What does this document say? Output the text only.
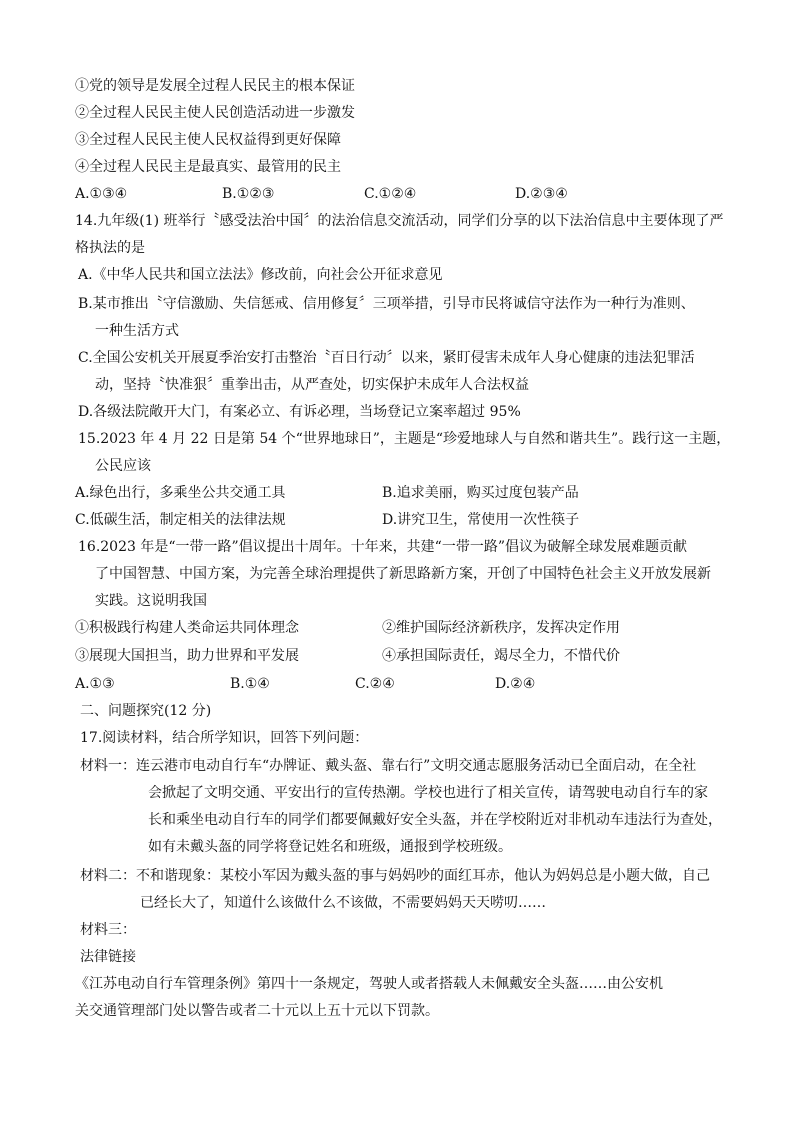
①党的领导是发展全过程人民民主的根本保证
②全过程人民民主使人民创造活动进一步激发
③全过程人民民主使人民权益得到更好保障
④全过程人民民主是最真实、最管用的民主
A.①③④	B.①②③	C.①②④	D.②③④
14.九年级(1) 班举行〝感受法治中国〞的法治信息交流活动，同学们分享的以下法治信息中主要体现了严
格执法的是
A.《中华人民共和国立法法》修改前，向社会公开征求意见
B.某市推出〝守信激励、失信惩戒、信用修复〞三项举措，引导市民将诚信守法作为一种行为准则、
一种生活方式
C.全国公安机关开展夏季治安打击整治〝百日行动〞以来，紧盯侵害未成年人身心健康的违法犯罪活
动，坚持〝快准狠〞重拳出击，从严查处，切实保护未成年人合法权益
D.各级法院敞开大门，有案必立、有诉必理，当场登记立案率超过 95%
15.2023 年 4 月 22 日是第 54 个“世界地球日”，主题是“珍爱地球人与自然和谐共生”。践行这一主题，
公民应该
A.绿色出行，多乘坐公共交通工具	B.追求美丽，购买过度包装产品
C.低碳生活，制定相关的法律法规	D.讲究卫生，常使用一次性筷子
16.2023 年是“一带一路”倡议提出十周年。十年来，共建“一带一路”倡议为破解全球发展难题贡献
了中国智慧、中国方案，为完善全球治理提供了新思路新方案，开创了中国特色社会主义开放发展新
实践。这说明我国
①积极践行构建人类命运共同体理念	②维护国际经济新秩序，发挥决定作用
③展现大国担当，助力世界和平发展	④承担国际责任，竭尽全力，不惜代价
A.①③	B.①④	C.②④	D.②④
二、问题探究(12 分)
17.阅读材料，结合所学知识，回答下列问题：
材料一：连云港市电动自行车“办牌证、戴头盔、靠右行”文明交通志愿服务活动已全面启动，在全社
会掀起了文明交通、平安出行的宣传热潮。学校也进行了相关宣传，请驾驶电动自行车的家
长和乘坐电动自行车的同学们都要佩戴好安全头盔，并在学校附近对非机动车违法行为查处，
如有未戴头盔的同学将登记姓名和班级，通报到学校班级。
材料二：不和谐现象：某校小军因为戴头盔的事与妈妈吵的面红耳赤，他认为妈妈总是小题大做，自己
已经长大了，知道什么该做什么不该做，不需要妈妈天天唠叨……
材料三：
法律链接
《江苏电动自行车管理条例》第四十一条规定，驾驶人或者搭载人未佩戴安全头盔……由公安机
关交通管理部门处以警告或者二十元以上五十元以下罚款。
